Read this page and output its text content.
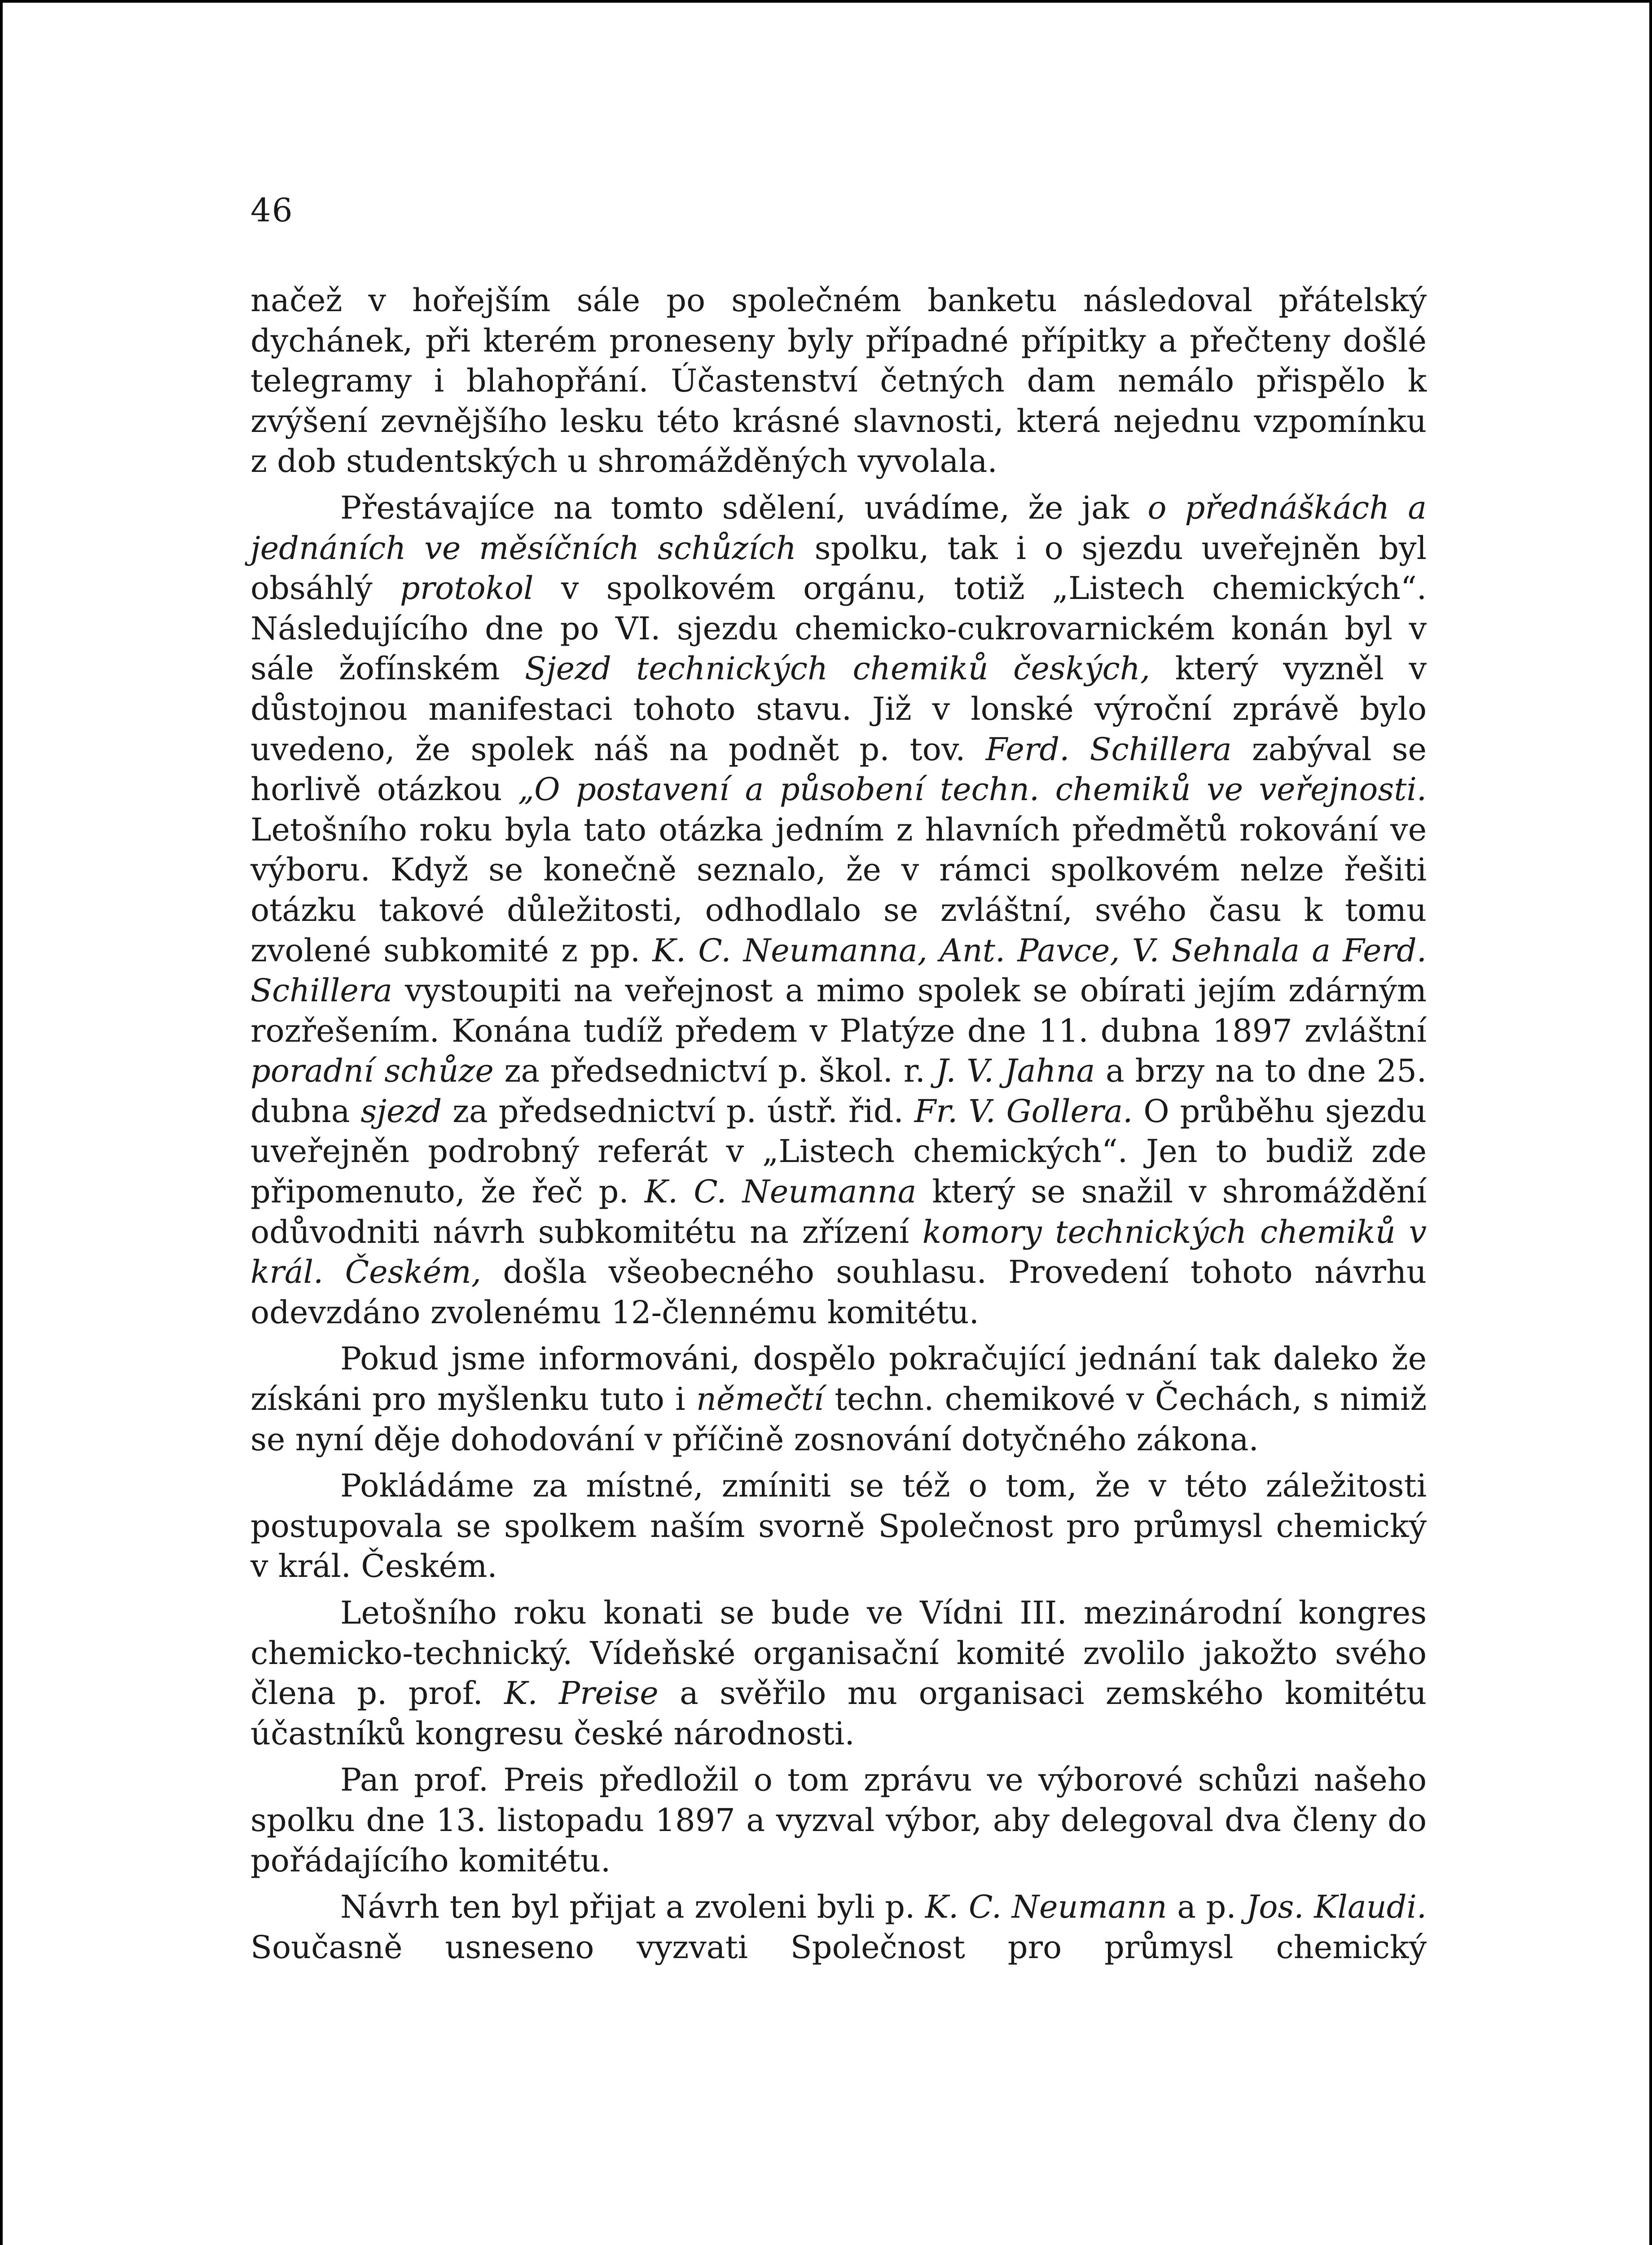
46

načež v hořejším sále po společném banketu následoval přátelský dychánek, při kterém proneseny byly případné přípitky a přečteny došlé telegramy i blahopřání. Účastenství četných dam nemálo přispělo k zvýšení zevnějšího lesku této krásné slavnosti, která nejednu vzpomínku z dob studentských u shromážděných vyvolala.

Přestávajíce na tomto sdělení, uvádíme, že jak o přednáškách a jednáních ve měsíčních schůzích spolku, tak i o sjezdu uveřejněn byl obsáhlý protokol v spolkovém orgánu, totiž „Listech chemických“. Následujícího dne po VI. sjezdu chemicko-cukrovarnickém konán byl v sále žofínském Sjezd technických chemiků českých, který vyzněl v důstojnou manifestaci tohoto stavu. Již v lonské výroční zprávě bylo uvedeno, že spolek náš na podnět p. tov. Ferd. Schillera zabýval se horlivě otázkou „O postavení a působení techn. chemiků ve veřejnosti. Letošního roku byla tato otázka jedním z hlavních předmětů rokování ve výboru. Když se konečně seznalo, že v rámci spolkovém nelze řešiti otázku takové důležitosti, odhodlalo se zvláštní, svého času k tomu zvolené subkomité z pp. K. C. Neumanna, Ant. Pavce, V. Sehnala a Ferd. Schillera vystoupiti na veřejnost a mimo spolek se obírati jejím zdárným rozřešením. Konána tudíž předem v Platýze dne 11. dubna 1897 zvláštní poradní schůze za předsednictví p. škol. r. J. V. Jahna a brzy na to dne 25. dubna sjezd za předsednictví p. ústř. řid. Fr. V. Gollera. O průběhu sjezdu uveřejněn podrobný referát v „Listech chemických“. Jen to budiž zde připomenuto, že řeč p. K. C. Neumanna který se snažil v shromáždění odůvodniti návrh subkomitétu na zřízení komory technických chemiků v král. Českém, došla všeobecného souhlasu. Provedení tohoto návrhu odevzdáno zvolenému 12-člennému komitétu.

Pokud jsme informováni, dospělo pokračující jednání tak daleko že získáni pro myšlenku tuto i němečtí techn. chemikové v Čechách, s nimiž se nyní děje dohodování v příčině zosnování dotyčného zákona.

Pokládáme za místné, zmíniti se též o tom, že v této záležitosti postupovala se spolkem naším svorně Společnost pro průmysl chemický v král. Českém.

Letošního roku konati se bude ve Vídni III. mezinárodní kongres chemicko-technický. Vídeňské organisační komité zvolilo jakožto svého člena p. prof. K. Preise a svěřilo mu organisaci zemského komitétu účastníků kongresu české národnosti.

Pan prof. Preis předložil o tom zprávu ve výborové schůzi našeho spolku dne 13. listopadu 1897 a vyzval výbor, aby delegoval dva členy do pořádajícího komitétu.

Návrh ten byl přijat a zvoleni byli p. K. C. Neumann a p. Jos. Klaudi. Současně usneseno vyzvati Společnost pro průmysl chemický
